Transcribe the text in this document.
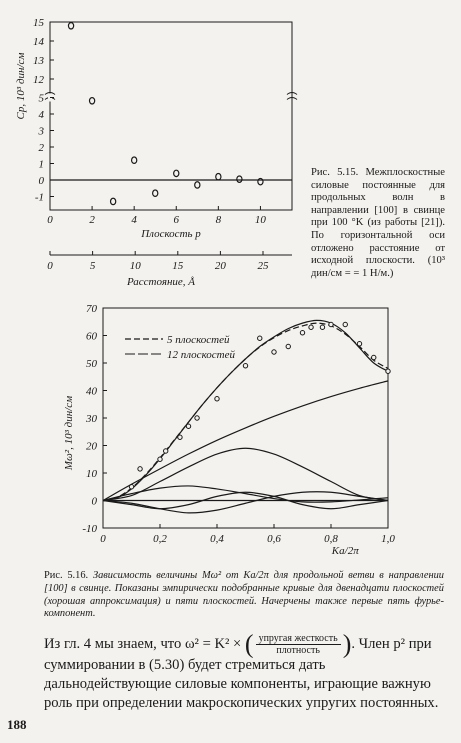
15
14
13
12
5
4
3
2
1
0
-1
0	2	4	6	8	10
Плоскость p
0	5	10	15	20	25
Расстояние, Å
Cp, 10³ дин/см
Рис. 5.15. Межплоскостные силовые постоянные для продольных волн в направлении [100] в свинце при 100 °K (из работы [21]). По горизонтальной оси отложено расстояние от исходной плоскости. (10³ дин/см = = 1 Н/м.)
70
60
50
40
30
20
10
0
-10
0	0,2	0,4	0,6	0,8	1,0
Ka/2π
Mω², 10³ дин/см
5 плоскостей
12 плоскостей
Рис. 5.16. Зависимость величины Mω² от Ka/2π для продольной ветви в направлении [100] в свинце. Показаны эмпирически подобранные кривые для двенадцати плоскостей (хорошая аппроксимация) и пяти плоскостей. Начерчены также первые пять фурье-компонент.
Из гл. 4 мы знаем, что ω² = K² × ( $\frac{\text{упругая жесткость}}{\text{плотность}}$ ). Член p² при суммировании в (5.30) будет стремиться дать дальнодействующие силовые компоненты, играющие важную роль при определении макроскопических упругих постоянных.
188
